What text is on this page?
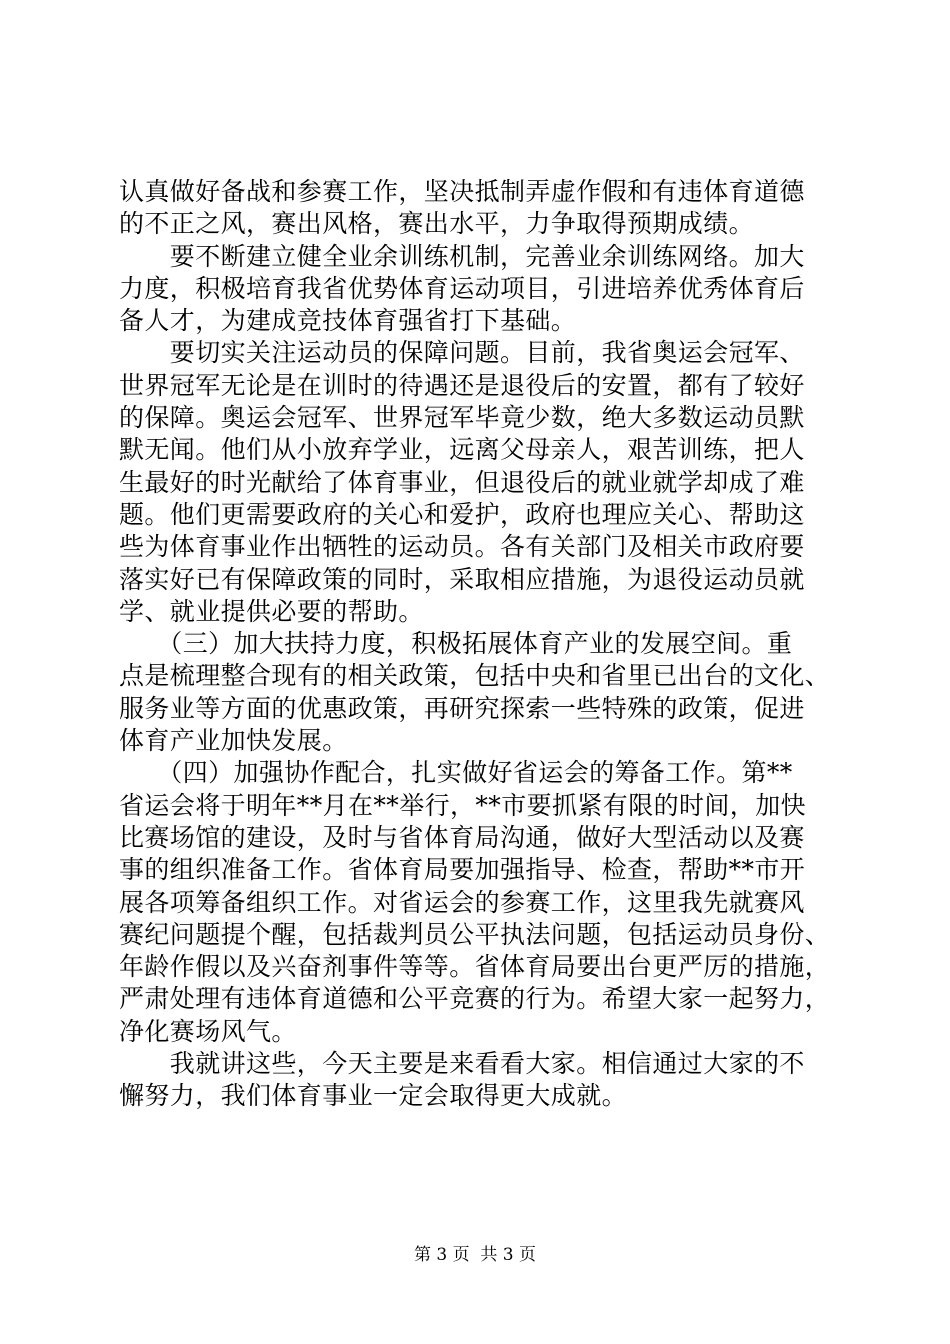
认真做好备战和参赛工作，坚决抵制弄虚作假和有违体育道德
的不正之风，赛出风格，赛出水平，力争取得预期成绩。
　　要不断建立健全业余训练机制，完善业余训练网络。加大
力度，积极培育我省优势体育运动项目，引进培养优秀体育后
备人才，为建成竞技体育强省打下基础。
　　要切实关注运动员的保障问题。目前，我省奥运会冠军、
世界冠军无论是在训时的待遇还是退役后的安置，都有了较好
的保障。奥运会冠军、世界冠军毕竟少数，绝大多数运动员默
默无闻。他们从小放弃学业，远离父母亲人，艰苦训练，把人
生最好的时光献给了体育事业，但退役后的就业就学却成了难
题。他们更需要政府的关心和爱护，政府也理应关心、帮助这
些为体育事业作出牺牲的运动员。各有关部门及相关市政府要
落实好已有保障政策的同时，采取相应措施，为退役运动员就
学、就业提供必要的帮助。
　　（三）加大扶持力度，积极拓展体育产业的发展空间。重
点是梳理整合现有的相关政策，包括中央和省里已出台的文化、
服务业等方面的优惠政策，再研究探索一些特殊的政策，促进
体育产业加快发展。
　　（四）加强协作配合，扎实做好省运会的筹备工作。第**
省运会将于明年**月在**举行，**市要抓紧有限的时间，加快
比赛场馆的建设，及时与省体育局沟通，做好大型活动以及赛
事的组织准备工作。省体育局要加强指导、检查，帮助**市开
展各项筹备组织工作。对省运会的参赛工作，这里我先就赛风
赛纪问题提个醒，包括裁判员公平执法问题，包括运动员身份、
年龄作假以及兴奋剂事件等等。省体育局要出台更严厉的措施，
严肃处理有违体育道德和公平竞赛的行为。希望大家一起努力，
净化赛场风气。
　　我就讲这些，今天主要是来看看大家。相信通过大家的不
懈努力，我们体育事业一定会取得更大成就。
第 3 页  共 3 页
